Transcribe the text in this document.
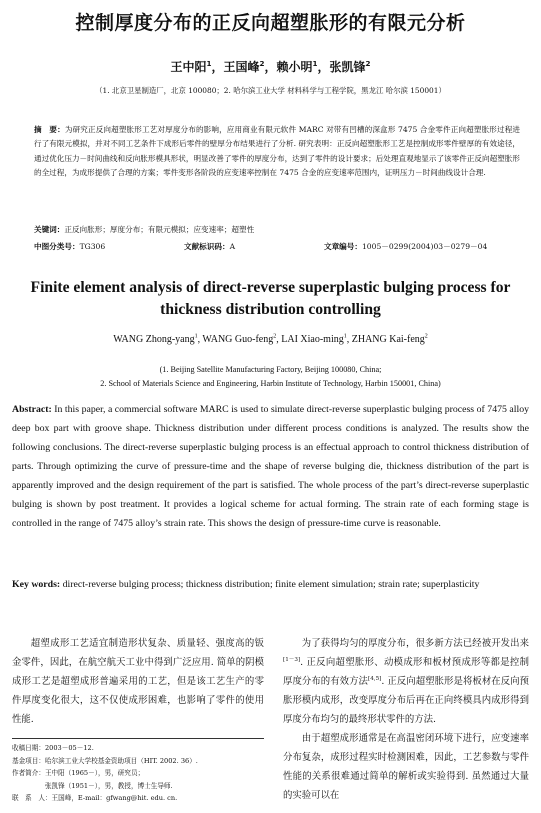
控制厚度分布的正反向超塑胀形的有限元分析
王中阳$^1$，王国峰$^2$，赖小明$^1$，张凯锋$^2$
（1. 北京卫星制造厂，北京 100080；2. 哈尔滨工业大学 材料科学与工程学院，黑龙江 哈尔滨 150001）
摘　要：为研究正反向超塑胀形工艺对厚度分布的影响，应用商业有限元软件 MARC 对带有凹槽的深盒形 7475 合金零件正向超塑胀形过程进行了有限元模拟，并对不同工艺条件下成形后零件的壁厚分布结果进行了分析. 研究表明：正反向超塑胀形工艺是控制成形零件壁厚的有效途径，通过优化压力－时间曲线和反向胀形模具形状，明显改善了零件的厚度分布，达到了零件的设计要求；后处理直观地显示了该零件正反向超塑胀形的全过程，为成形提供了合理的方案；零件变形各阶段的应变速率控制在 7475 合金的应变速率范围内，证明压力－时间曲线设计合理.
关键词：正反向胀形；厚度分布；有限元模拟；应变速率；超塑性
中图分类号：TG306	文献标识码：A	文章编号：1005－0299(2004)03－0279－04
Finite element analysis of direct-reverse superplastic bulging process for thickness distribution controlling
WANG Zhong-yang$^1$, WANG Guo-feng$^2$, LAI Xiao-ming$^1$, ZHANG Kai-feng$^2$
(1. Beijing Satellite Manufacturing Factory, Beijing 100080, China;
2. School of Materials Science and Engineering, Harbin Institute of Technology, Harbin 150001, China)
Abstract: In this paper, a commercial software MARC is used to simulate direct-reverse superplastic bulging process of 7475 alloy deep box part with groove shape. Thickness distribution under different process conditions is analyzed. The results show the following conclusions. The direct-reverse superplastic bulging process is an effectual approach to control thickness distribution of parts. Through optimizing the curve of pressure-time and the shape of reverse bulging die, thickness distribution of the part is apparently improved and the design requirement of the part is satisfied. The whole process of the part’s direct-reverse superplastic bulging is shown by post treatment. It provides a logical scheme for actual forming. The strain rate of each forming stage is controlled in the range of 7475 alloy’s strain rate. This shows the design of pressure-time curve is reasonable.
Key words: direct-reverse bulging process; thickness distribution; finite element simulation; strain rate; superplasticity
超塑成形工艺适宜制造形状复杂、质量轻、强度高的钣金零件，因此，在航空航天工业中得到广泛应用. 简单的阴模成形工艺是超塑成形普遍采用的工艺，但是该工艺生产的零件厚度变化很大，这不仅使成形困难，也影响了零件的使用性能.

为了获得均匀的厚度分布，很多新方法已经被开发出来[1－3]. 正反向超塑胀形、动模成形和板材预成形等都是控制厚度分布的有效方法[4,5]. 正反向超塑胀形是将板材在反向预胀形模内成形，改变厚度分布后再在正向终模具内成形得到厚度分布均匀的最终形状零件的方法.

由于超塑成形通常是在高温密闭环境下进行，应变速率分布复杂，成形过程实时检测困难，因此，工艺参数与零件性能的关系很难通过简单的解析或实验得到. 虽然通过大量的实验可以在

收稿日期：2003－05－12.
基金项目：哈尔滨工业大学校基金资助项目（HIT. 2002. 36）.
作者简介：王中阳（1965－），男，研究员；
　　　　　张凯锋（1951－），男，教授，博士生导师.
联　系　人：王国峰，E-mail：gfwang@hit. edu. cn.
